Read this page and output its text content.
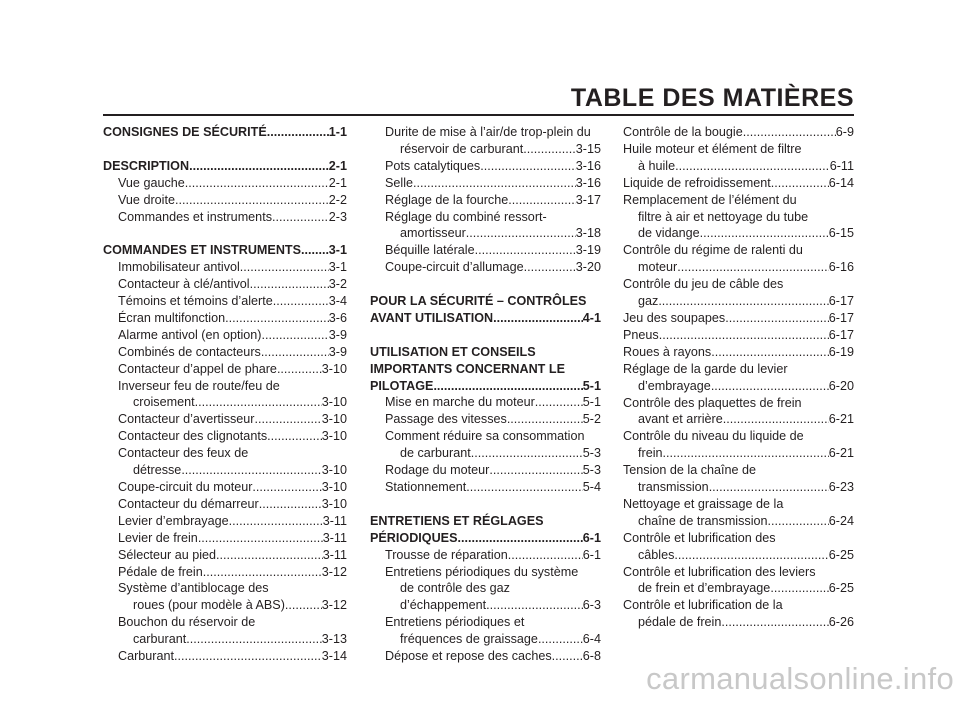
TABLE DES MATIÈRES
CONSIGNES DE SÉCURITÉ .....	1-1
DESCRIPTION .....	2-1
Vue gauche .....	2-1
Vue droite .....	2-2
Commandes et instruments .....	2-3
COMMANDES ET INSTRUMENTS ..... 3-1
Immobilisateur antivol .....	3-1
Contacteur à clé/antivol .....	3-2
Témoins et témoins d’alerte .....	3-4
Écran multifonction .....	3-6
Alarme antivol (en option) .....	3-9
Combinés de contacteurs .....	3-9
Contacteur d’appel de phare .....	3-10
Inverseur feu de route/feu de
croisement .....	3-10
Contacteur d’avertisseur .....	3-10
Contacteur des clignotants .....	3-10
Contacteur des feux de
détresse .....	3-10
Coupe-circuit du moteur .....	3-10
Contacteur du démarreur .....	3-10
Levier d’embrayage .....	3-11
Levier de frein .....	3-11
Sélecteur au pied .....	3-11
Pédale de frein .....	3-12
Système d’antiblocage des
roues (pour modèle à ABS) .....	3-12
Bouchon du réservoir de
carburant .....	3-13
Carburant .....	3-14
Durite de mise à l’air/de trop-plein du
réservoir de carburant .....	3-15
Pots catalytiques .....	3-16
Selle .....	3-16
Réglage de la fourche .....	3-17
Réglage du combiné ressort-
amortisseur .....	3-18
Béquille latérale .....	3-19
Coupe-circuit d’allumage .....	3-20
POUR LA SÉCURITÉ – CONTRÔLES
AVANT UTILISATION .....	4-1
UTILISATION ET CONSEILS
IMPORTANTS CONCERNANT LE
PILOTAGE .....	5-1
Mise en marche du moteur .....	5-1
Passage des vitesses .....	5-2
Comment réduire sa consommation
de carburant .....	5-3
Rodage du moteur .....	5-3
Stationnement .....	5-4
ENTRETIENS ET RÉGLAGES
PÉRIODIQUES .....	6-1
Trousse de réparation .....	6-1
Entretiens périodiques du système
de contrôle des gaz
d’échappement .....	6-3
Entretiens périodiques et
fréquences de graissage .....	6-4
Dépose et repose des caches ..... 6-8
Contrôle de la bougie .....	6-9
Huile moteur et élément de filtre
à huile .....	6-11
Liquide de refroidissement .....	6-14
Remplacement de l’élément du
filtre à air et nettoyage du tube
de vidange .....	6-15
Contrôle du régime de ralenti du
moteur .....	6-16
Contrôle du jeu de câble des
gaz .....	6-17
Jeu des soupapes .....	6-17
Pneus .....	6-17
Roues à rayons .....	6-19
Réglage de la garde du levier
d’embrayage .....	6-20
Contrôle des plaquettes de frein
avant et arrière .....	6-21
Contrôle du niveau du liquide de
frein .....	6-21
Tension de la chaîne de
transmission .....	6-23
Nettoyage et graissage de la
chaîne de transmission .....	6-24
Contrôle et lubrification des
câbles .....	6-25
Contrôle et lubrification des leviers
de frein et d’embrayage .....	6-25
Contrôle et lubrification de la
pédale de frein .....	6-26
carmanualsonline.info
